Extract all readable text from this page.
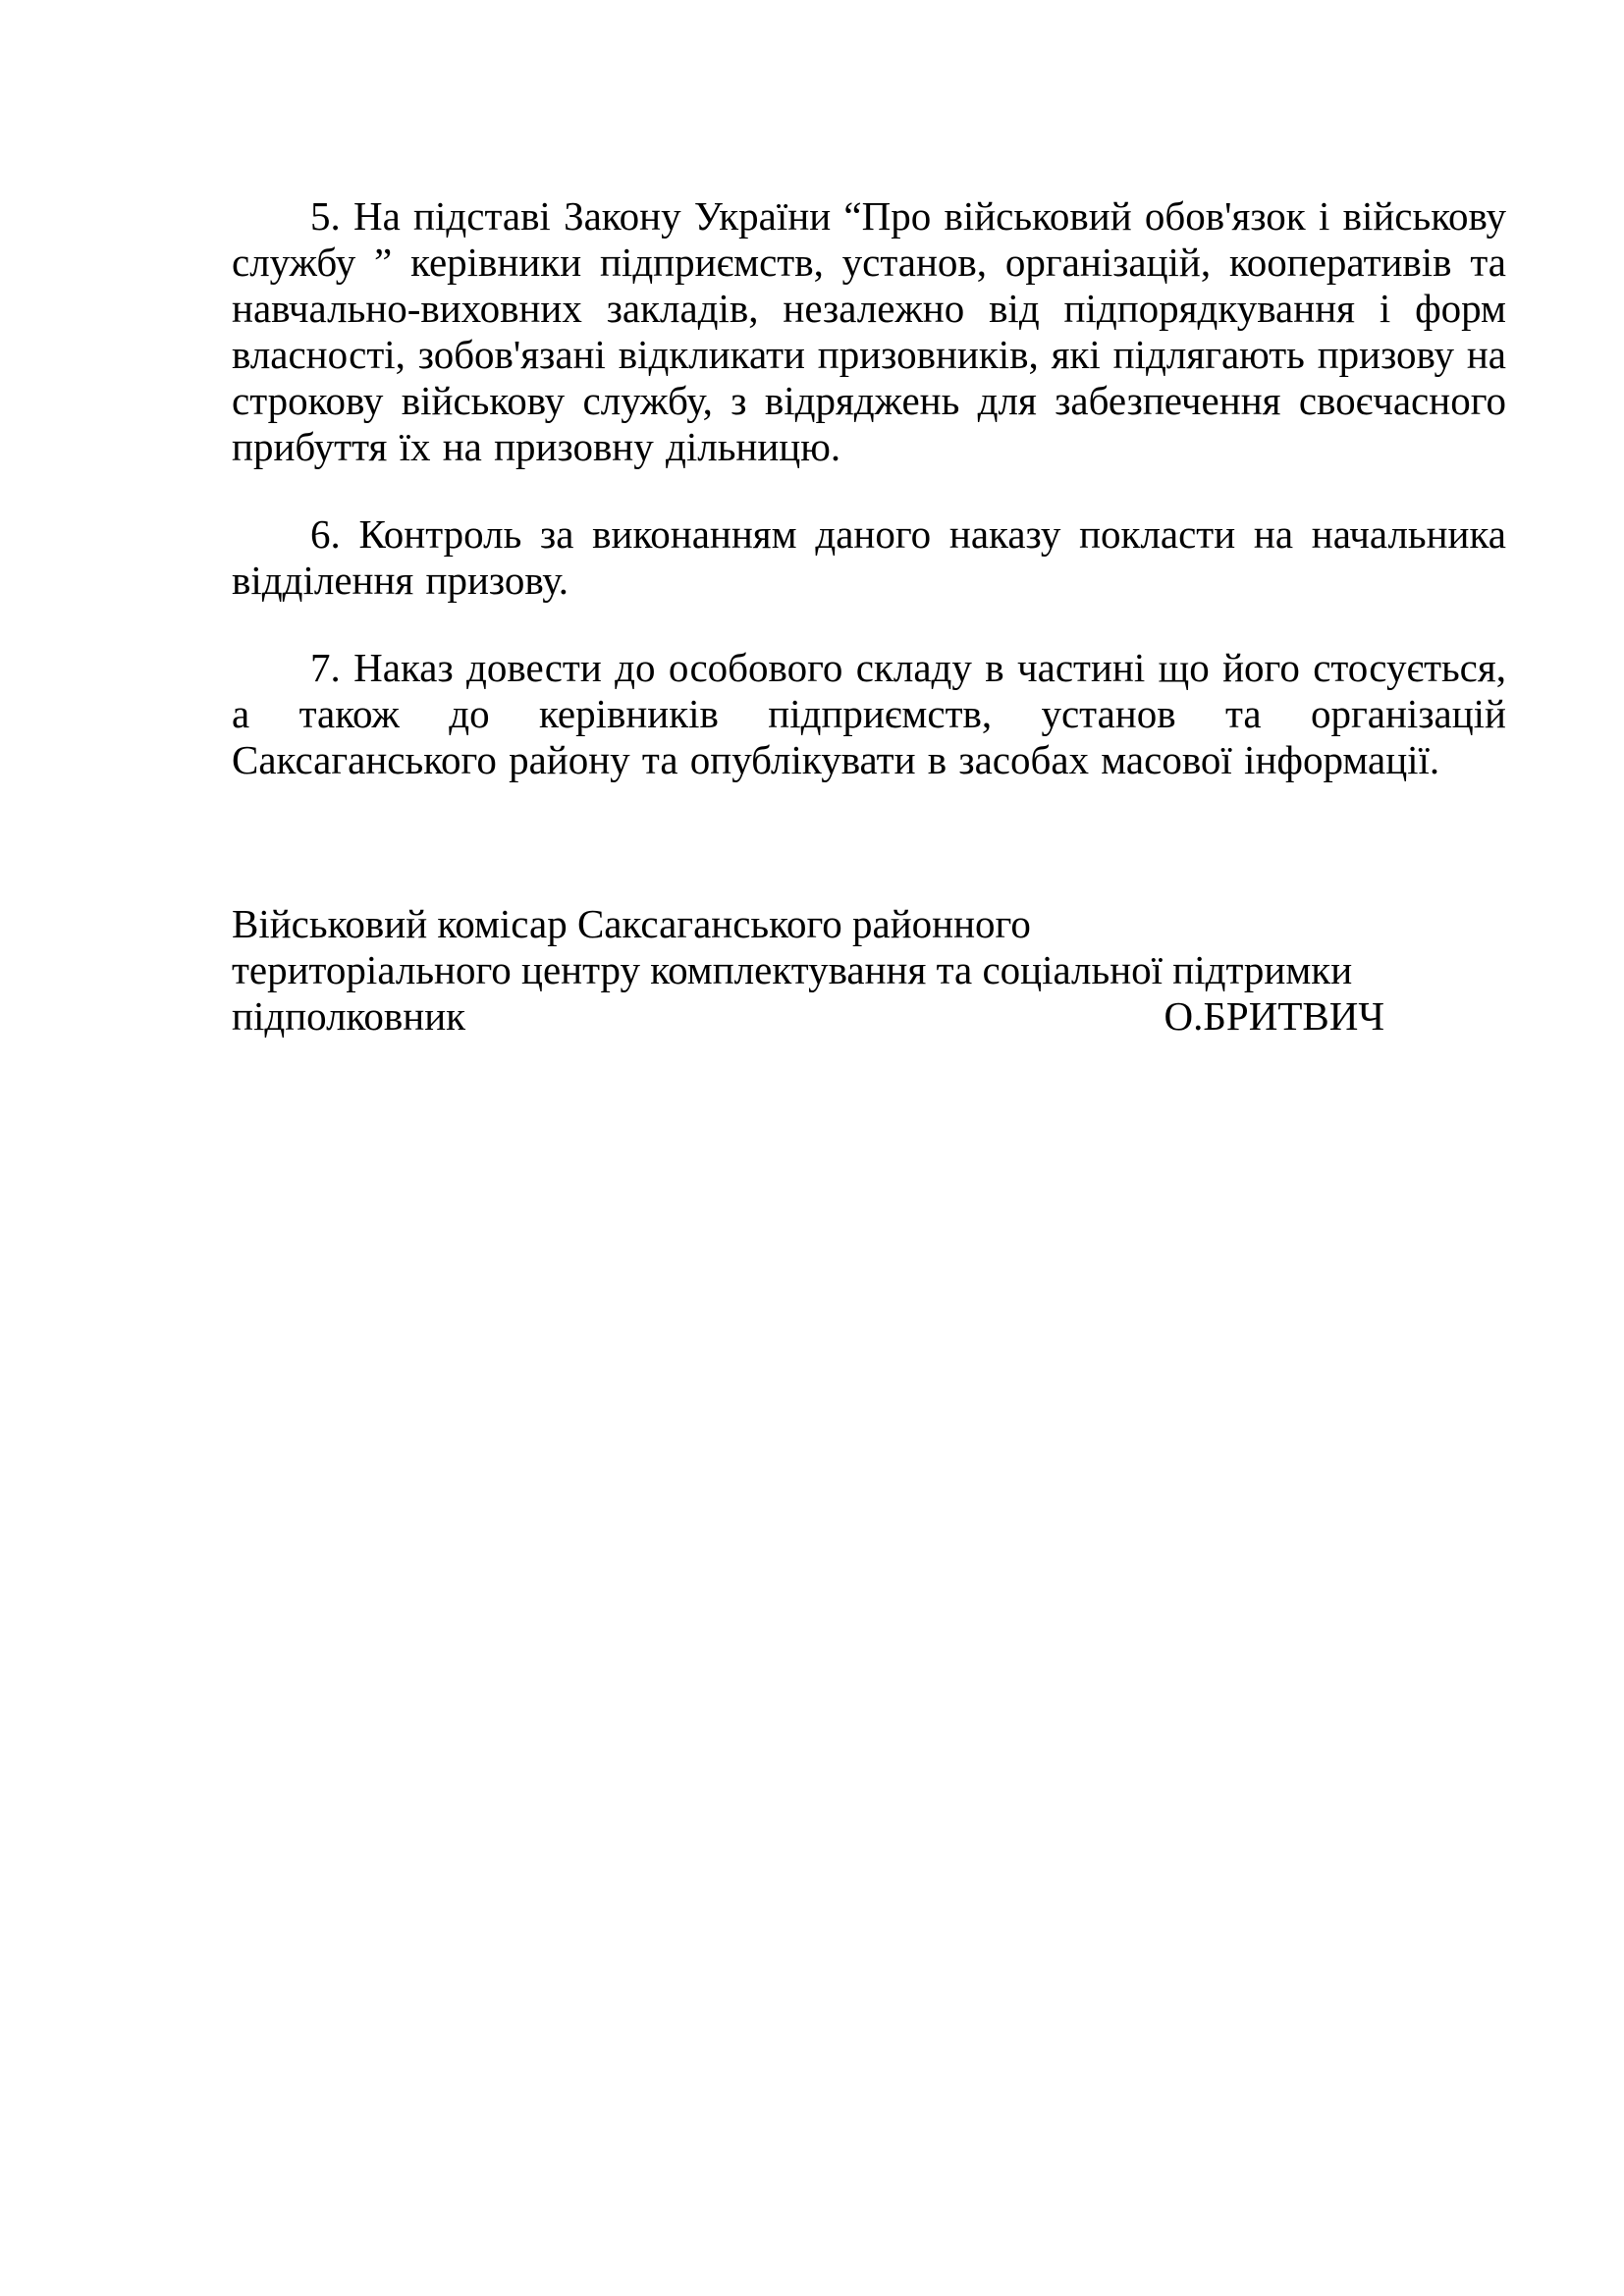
5. На підставі Закону України “Про військовий обов'язок і військову службу ” керівники підприємств, установ, організацій, кооперативів та навчально-виховних закладів, незалежно від підпорядкування і форм власності, зобов'язані відкликати призовників, які підлягають призову на строкову військову службу, з відряджень для забезпечення своєчасного прибуття їх на призовну дільницю.

6. Контроль за виконанням даного наказу покласти на начальника відділення призову.

7. Наказ довести до особового складу в частині що його стосується, а також до керівників підприємств, установ та організацій Саксаганського району та опублікувати в засобах масової інформації.

Військовий комісар Саксаганського районного

територіального центру комплектування та соціальної підтримки

підполковник	О.БРИТВИЧ
